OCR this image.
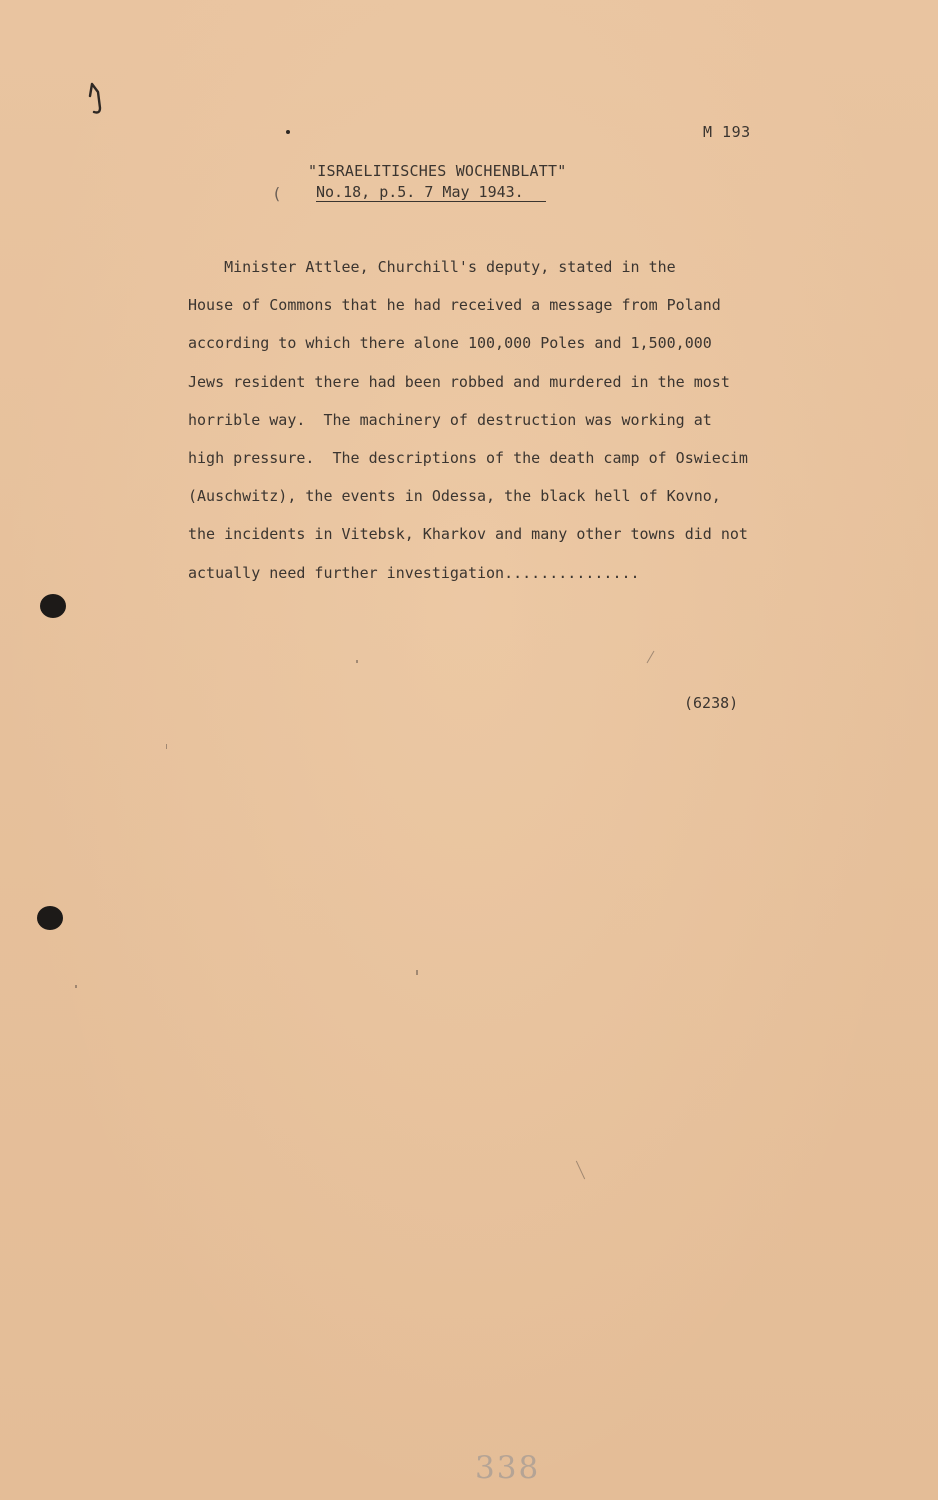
M 193
"ISRAELITISCHES WOCHENBLATT"
( No.18, p.5. 7 May 1943.
Minister Attlee, Churchill's deputy, stated in the
House of Commons that he had received a message from Poland
according to which there alone 100,000 Poles and 1,500,000
Jews resident there had been robbed and murdered in the most
horrible way.  The machinery of destruction was working at
high pressure.  The descriptions of the death camp of Oswiecim
(Auschwitz), the events in Odessa, the black hell of Kovno,
the incidents in Vitebsk, Kharkov and many other towns did not
actually need further investigation...............
(6238)
338
